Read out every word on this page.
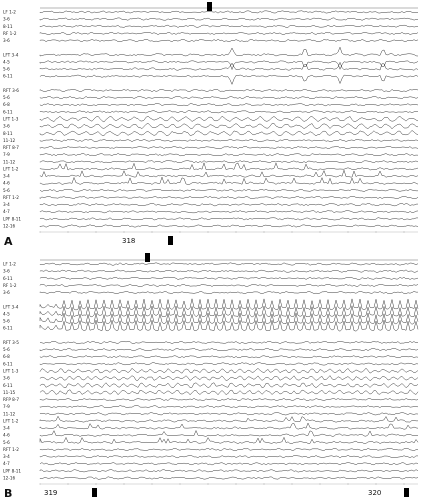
LF 1-2
3-6
8-11
RF 1-2
3-6
LFT 3-4
4-5
5-6
6-11
RFT 3-6
5-6
6-8
6-11
LFT 1-3
3-6
8-11
11-12
RFT 8-7
7-9
11-12
LFT 1-2
3-4
4-6
5-6
RFT 1-2
3-4
4-7
LPF 8-11
12-16
A	318
LF 1-2
3-6
6-11
RF 1-2
3-6
LFT 3-4
4-5
5-6
6-11
RFT 3-5
5-6
6-8
6-11
LFT 1-3
3-6
6-11
11-15
RFP 8-7
7-9
11-12
LFT 1-2
3-4
4-6
5-6
RFT 1-2
3-4
4-7
LPF 8-11
12-16
B	319	320
